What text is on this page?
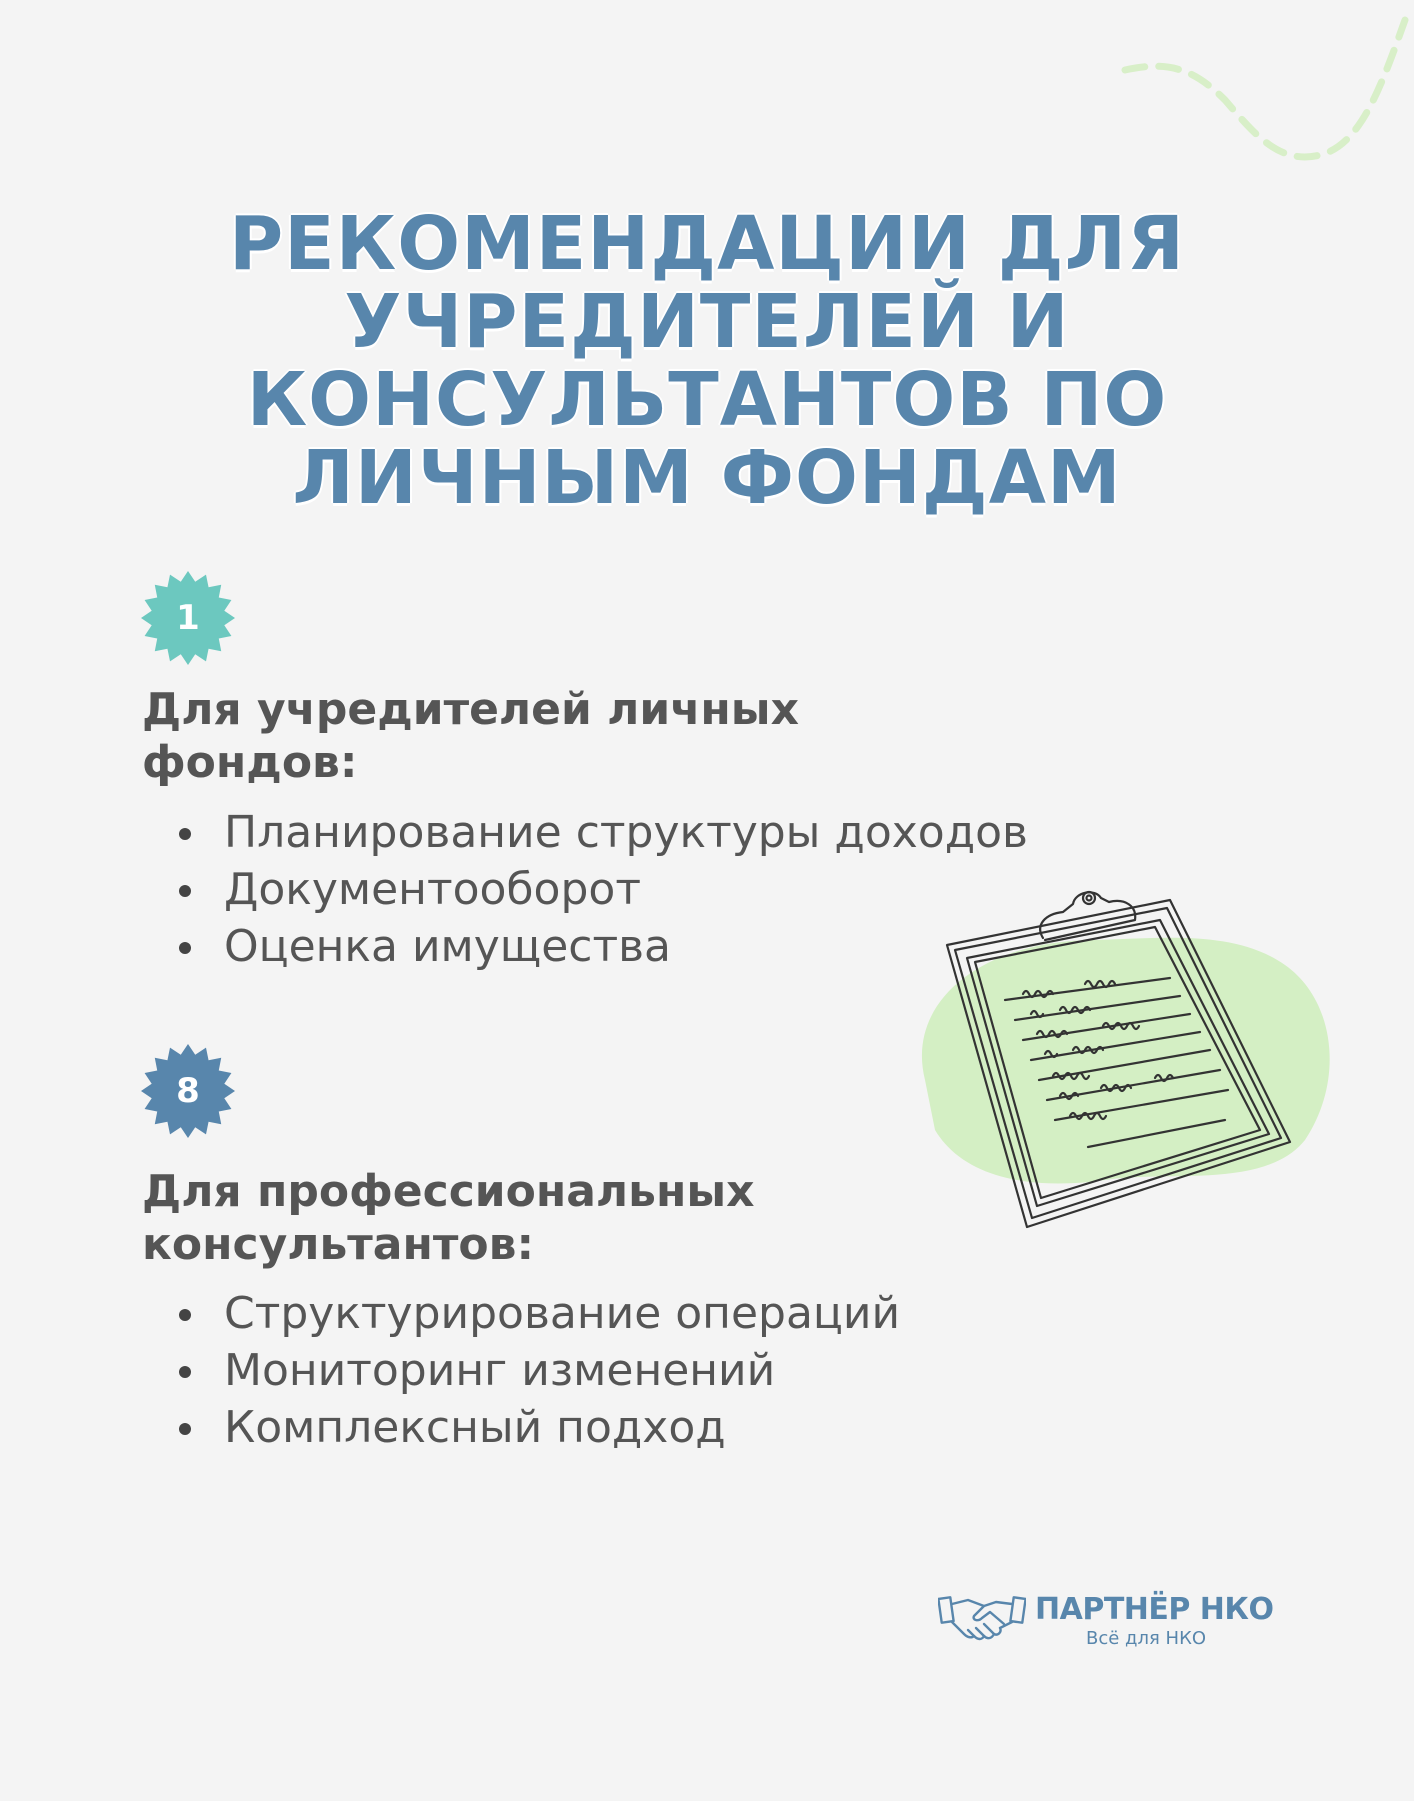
РЕКОМЕНДАЦИИ ДЛЯ
УЧРЕДИТЕЛЕЙ И
КОНСУЛЬТАНТОВ ПО
ЛИЧНЫМ ФОНДАМ
1
Для учредителей личных
фондов:
Планирование структуры доходов
Документооборот
Оценка имущества
8
Для профессиональных
консультантов:
Структурирование операций
Мониторинг изменений
Комплексный подход
ПАРТНЁР НКО
Всё для НКО
